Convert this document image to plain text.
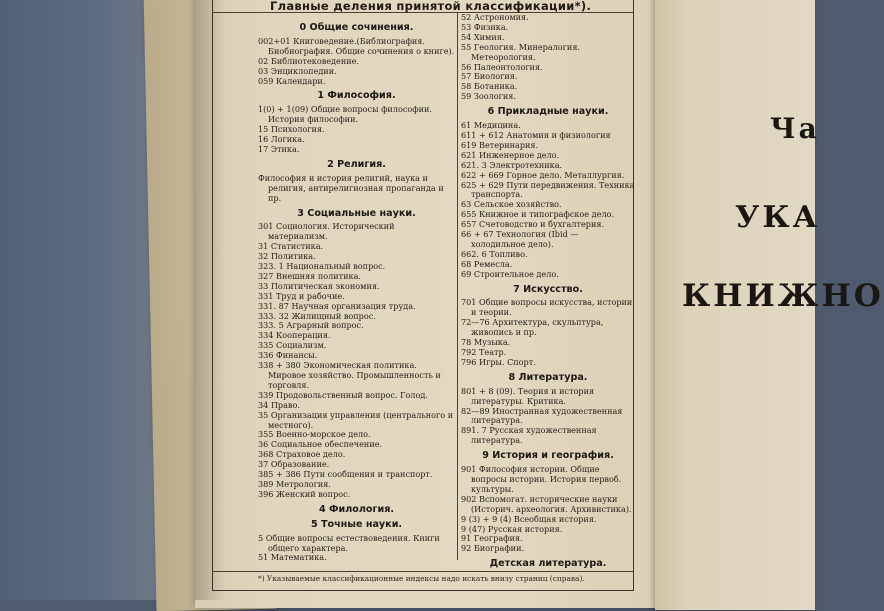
Ча
УКА
КНИЖНО
Главные деления принятой классификации*).
0 Общие сочинения.
002+01 Книговедение.(Библиография. Биобиография. Общие сочинения о книге).
02 Библиотековедение.
03 Энциклопедии.
059 Календари.
1 Философия.
1(0) + 1(09) Общие вопросы философии. История философии.
15 Психология.
16 Логика.
17 Этика.
2 Религия.
Философия и история религий, наука и религия, антирелигиозная пропаганда и пр.
3 Социальные науки.
301 Социология. Исторический материализм.
31 Статистика.
32 Политика.
323. 1 Национальный вопрос.
327 Внешняя политика.
33 Политическая экономия.
331 Труд и рабочие.
331. 87 Научная организация труда.
333. 32 Жилищный вопрос.
333. 5 Аграрный вопрос.
334 Кооперация.
335 Социализм.
336 Финансы.
338 + 380 Экономическая политика. Мировое хозяйство. Промышленность и торговля.
339 Продовольственный вопрос. Голод.
34 Право.
35 Организация управления (центрального и местного).
355 Военно-морское дело.
36 Социальное обеспечение.
368 Страховое дело.
37 Образование.
385 + 386 Пути сообщения и транспорт.
389 Метрология.
396 Женский вопрос.
4 Филология.
5 Точные науки.
5 Общие вопросы естествоведения. Книги общего характера.
51 Математика.
52 Астрономия.
53 Физика.
54 Химия.
55 Геология. Минералогия. Метеорология.
56 Палеонтология.
57 Биология.
58 Ботаника.
59 Зоология.
6 Прикладные науки.
61 Медицина.
611 + 612 Анатомия и физиология
619 Ветеринария.
621 Инженерное дело.
621. 3 Электротехника.
622 + 669 Горное дело. Металлургия.
625 + 629 Пути передвижения. Техника транспорта.
63 Сельское хозяйство.
655 Книжное и типографское дело.
657 Счетоводство и бухгалтерия.
66 + 67 Технология (Ibid — холодильное дело).
662. 6 Топливо.
68 Ремесла.
69 Строительное дело.
7 Искусство.
701 Общие вопросы искусства, истории и теории.
72—76 Архитектура, скульптура, живопись и пр.
78 Музыка.
792 Театр.
796 Игры. Спорт.
8 Литература.
801 + 8 (09). Теория и история литературы. Критика.
82—89 Иностранная художественная литература.
891. 7 Русская художественная литература.
9 История и география.
901 Философия истории. Общие вопросы истории. История первоб. культуры.
902 Вспомогат. исторические науки (Историч. археология. Архивистика).
9 (3) + 9 (4) Всеобщая история.
9 (47) Русская история.
91 География.
92 Биографии.
Детская литература.
*) Указываемые классификационные индексы надо искать внизу страниц (справа).
